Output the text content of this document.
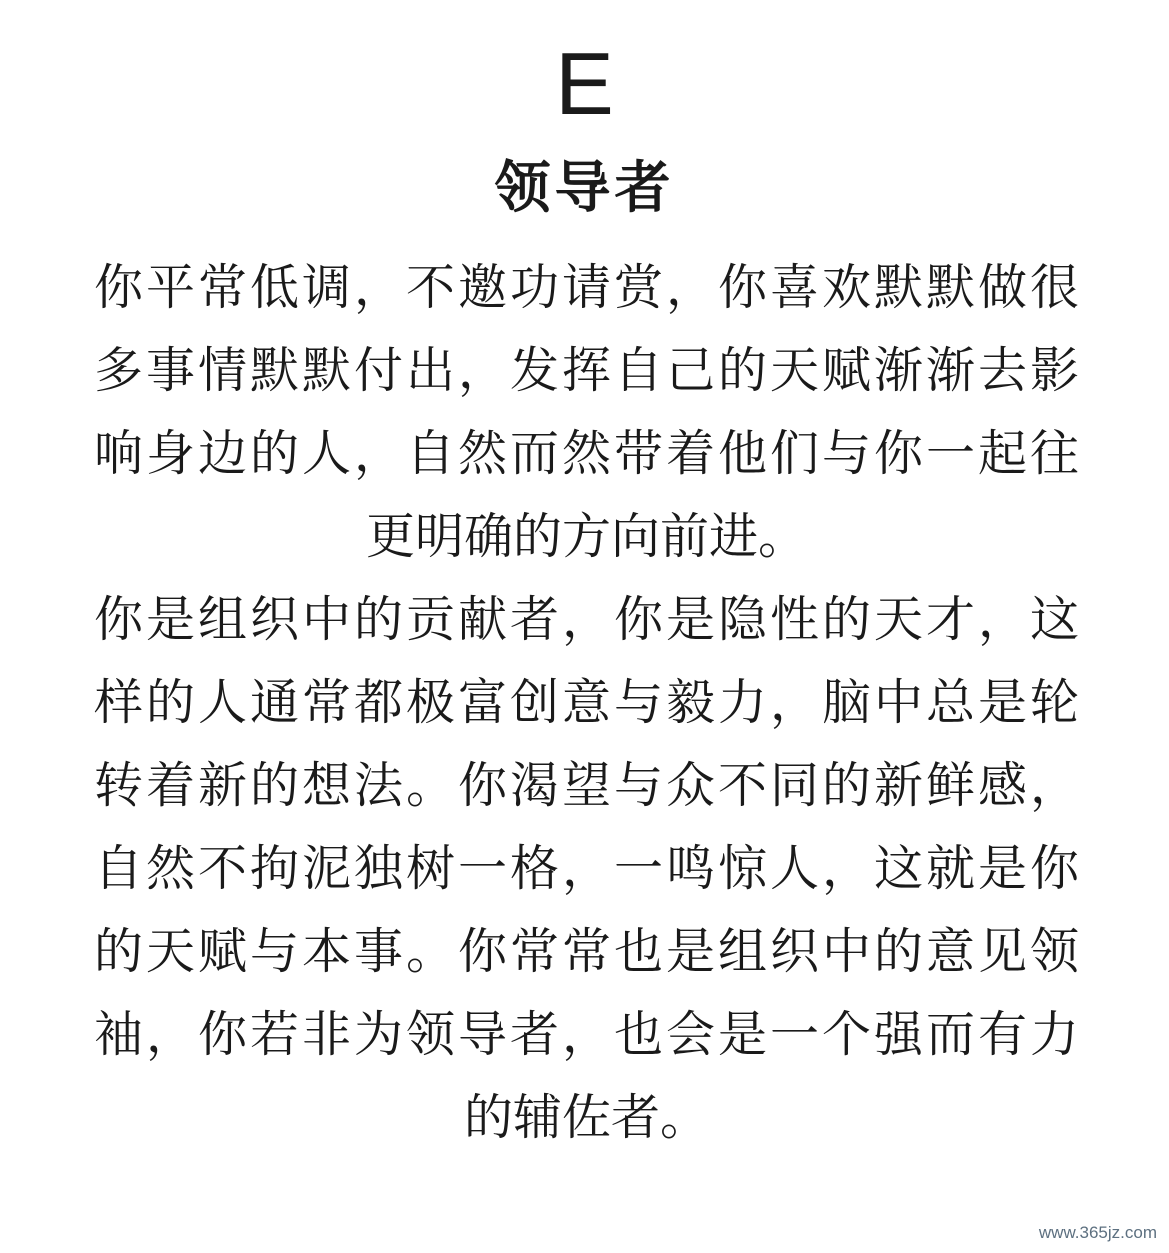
E
领导者
你平常低调，不邀功请赏，你喜欢默默做很
多事情默默付出，发挥自己的天赋渐渐去影
响身边的人，自然而然带着他们与你一起往
更明确的方向前进。
你是组织中的贡献者，你是隐性的天才，这
样的人通常都极富创意与毅力，脑中总是轮
转着新的想法。你渴望与众不同的新鲜感，
自然不拘泥独树一格，一鸣惊人，这就是你
的天赋与本事。你常常也是组织中的意见领
袖，你若非为领导者，也会是一个强而有力
的辅佐者。
www.365jz.com
